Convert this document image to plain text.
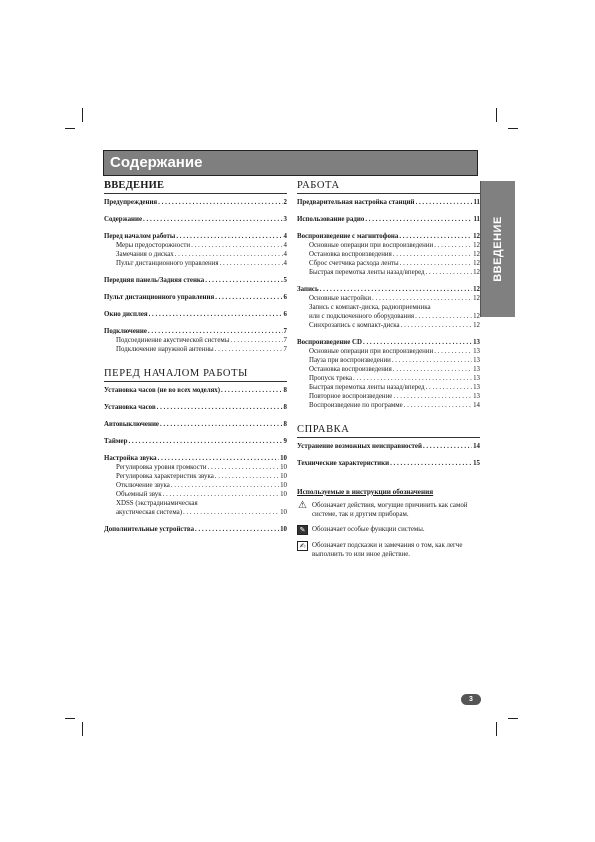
Содержание
ВВЕДЕНИЕ
ВВЕДЕНИЕ
Предупреждения . . .	2
Содержание . . .	3
Перед началом работы . . .	4
Меры предосторожности . . .	4
Замечания о дисках . . .	4
Пульт дистанционного управления . . .	4
Передняя панель/Задняя стенка . . .	5
Пульт дистанционного управления . . .	6
Окно дисплея . . .	6
Подключение . . .	7
Подсоединение акустической системы . . .	7
Подключение наружной антенны . . .	7
ПЕРЕД НАЧАЛОМ РАБОТЫ
Установка часов (не во всех моделях) . . .	8
Установка часов . . .	8
Автовыключение . . .	8
Таймер . . .	9
Настройка звука . . .	10
Регулировка уровня громкости . . .	10
Регулировка характеристик звука . . .	10
Отключение звука . . .	10
Объемный звук . . .	10
XDSS (экстрадинамическая
акустическая система) . . .	10
Дополнительные устройства . . .	10
РАБОТА
Предварительная настройка станций . . .	11
Использование радио . . .	11
Воспроизведение с магнитофона . . .	12
Основные операции при воспроизведении . . .	12
Остановка воспроизведения . . .	12
Сброс счетчика расхода ленты . . .	12
Быстрая перемотка ленты назад/вперед . . .	12
Запись . . .	12
Основные настройки . . .	12
Запись с компакт-диска, радиоприемника
или с подключенного оборудования . . .	12
Синхрозапись с компакт-диска . . .	12
Воспроизведение CD . . .	13
Основные операции при воспроизведении . . .	13
Пауза при воспроизведении . . .	13
Остановка воспроизведения . . .	13
Пропуск трека . . .	13
Быстрая перемотка ленты назад/вперед . . .	13
Повторное воспроизведение . . .	13
Воспроизведение по программе . . .	14
СПРАВКА
Устранение возможных неисправностей . . .	14
Технические характеристики . . .	15
Используемые в инструкции обозначения
⚠ Обозначает действия, могущие причинить как самой системе, так и другим приборам.
✎ Обозначает особые функции системы.
✍ Обозначает подсказки и замечания о том, как легче выполнить то или иное действие.
3
